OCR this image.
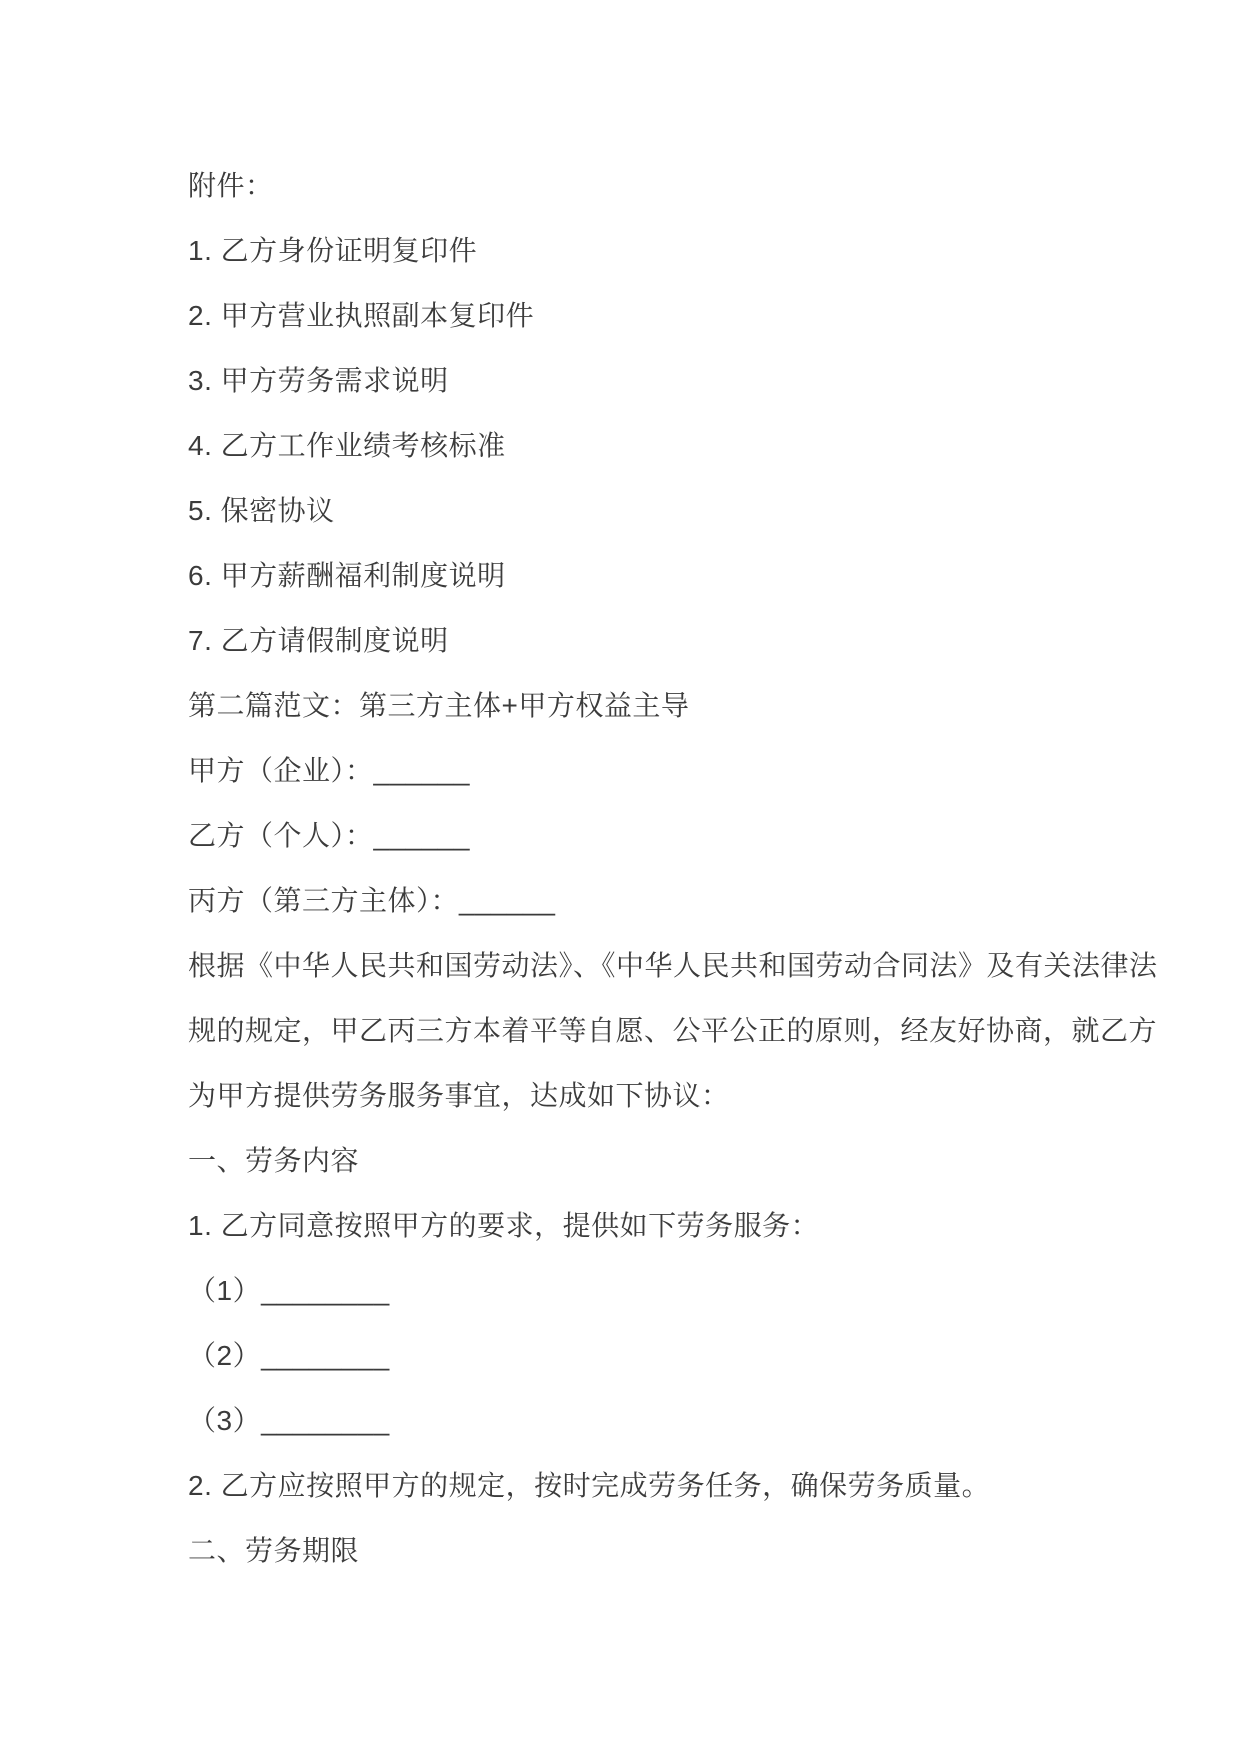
附件：

1. 乙方身份证明复印件

2. 甲方营业执照副本复印件

3. 甲方劳务需求说明

4. 乙方工作业绩考核标准

5. 保密协议

6. 甲方薪酬福利制度说明

7. 乙方请假制度说明

第二篇范文：第三方主体+甲方权益主导

甲方（企业）：______

乙方（个人）：______

丙方（第三方主体）：______

根据《中华人民共和国劳动法》、《中华人民共和国劳动合同法》及有关法律法

规的规定，甲乙丙三方本着平等自愿、公平公正的原则，经友好协商，就乙方

为甲方提供劳务服务事宜，达成如下协议：

一、劳务内容

1. 乙方同意按照甲方的要求，提供如下劳务服务：

（1）________

（2）________

（3）________

2. 乙方应按照甲方的规定，按时完成劳务任务，确保劳务质量。

二、劳务期限
